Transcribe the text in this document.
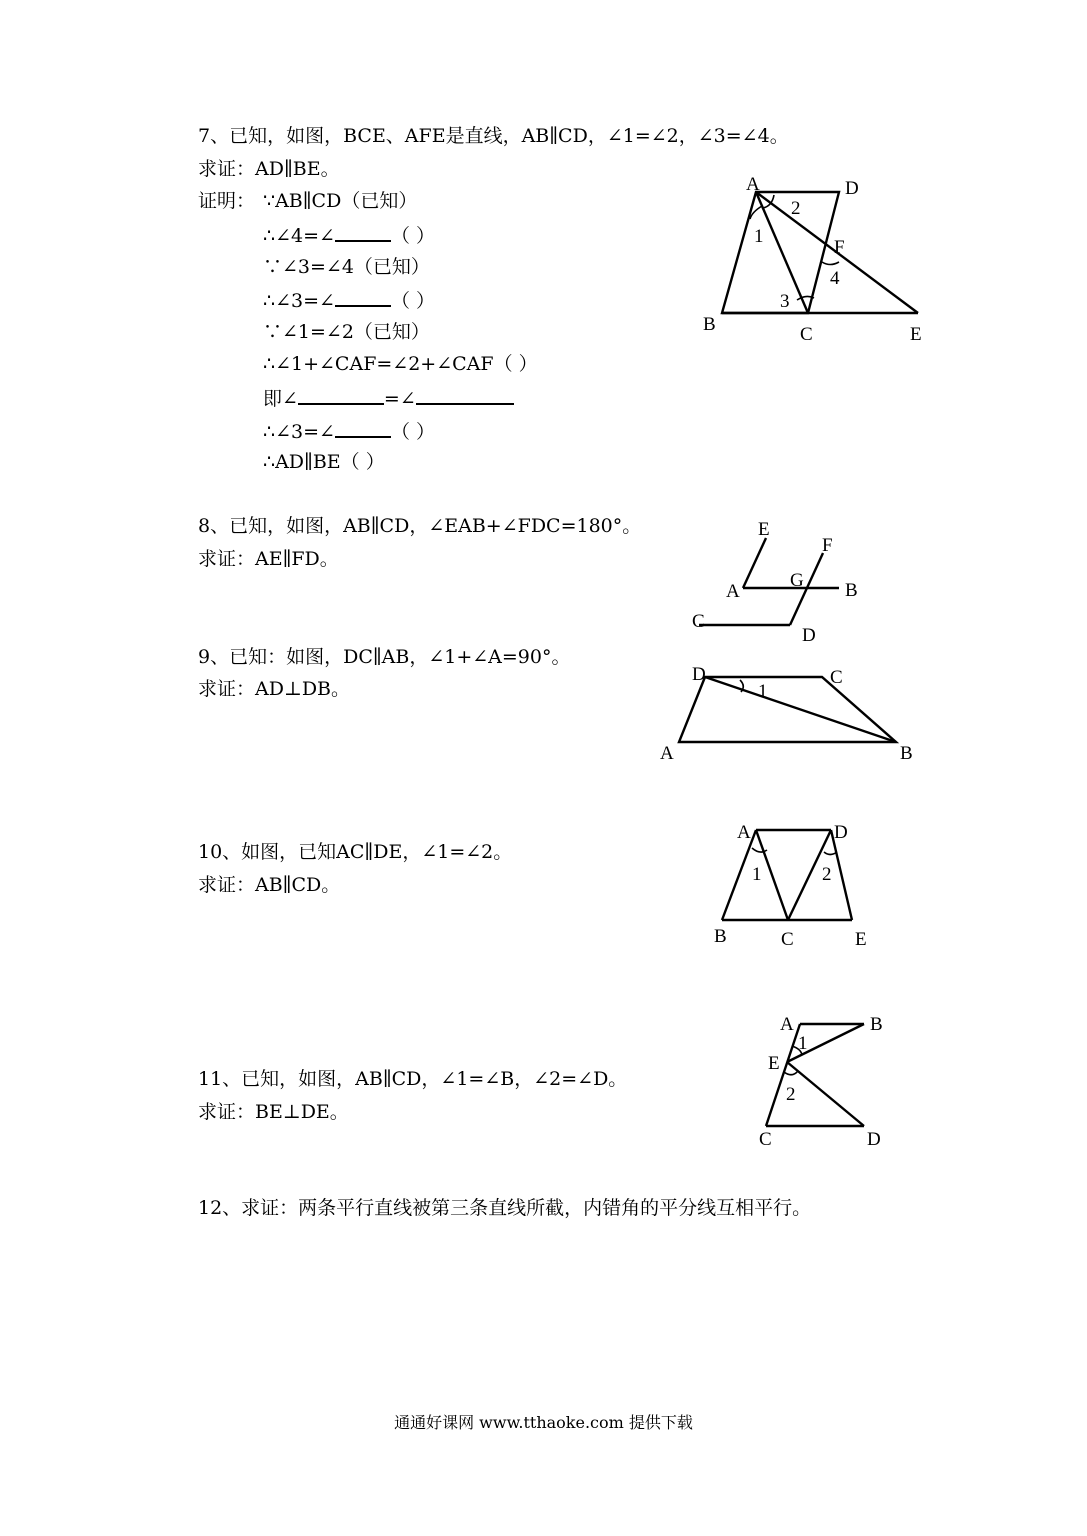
7、已知，如图，BCE、AFE是直线，AB∥CD，∠1=∠2，∠3=∠4。
求证：AD∥BE。
证明： ∵AB∥CD（已知）
∴∠4=∠	（ ）
∵∠3=∠4（已知）
∴∠3=∠	（ ）
∵∠1=∠2（已知）
∴∠1+∠CAF=∠2+∠CAF（ ）
即∠	=∠
∴∠3=∠	（ ）
∴AD∥BE（ ）
A	D
2
1
F
4
3
B	C	E
8、已知，如图，AB∥CD，∠EAB+∠FDC=180°。
求证：AE∥FD。
E
F
G
A	B
C
D
9、已知：如图，DC∥AB，∠1+∠A=90°。
求证：AD⊥DB。
D	C
1
A	B
10、如图，已知AC∥DE，∠1=∠2。
求证：AB∥CD。
A	D
1	2
B	C	E
11、已知，如图，AB∥CD，∠1=∠B，∠2=∠D。
求证：BE⊥DE。
A	B
1
E
2
C	D
12、求证：两条平行直线被第三条直线所截，内错角的平分线互相平行。
通通好课网 www.tthaoke.com 提供下载
